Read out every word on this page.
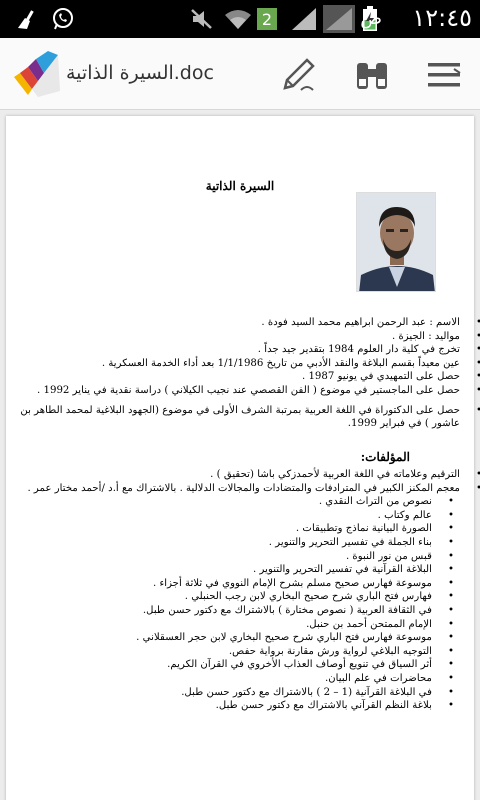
2	ص ١٢:٤٥
السيرة الذاتية.doc
السيرة الذاتية
الاسم : عبد الرحمن ابراهيم محمد السيد فودة . •
مواليد : الجيزة . •
تخرج في كلية دار العلوم 1984 بتقدير جيد جداً . •
عين معيداً بقسم البلاغة والنقد الأدبي من تاريخ 1/1/1986 بعد أداء الخدمة العسكرية . •
حصل على التمهيدي في يونيو 1987 . •
حصل على الماجستير في موضوع ( الفن القصصي عند نجيب الكيلاني ) دراسة نقدية في يناير 1992 . •
حصل على الدكتوراة في اللغة العربية بمرتبة الشرف الأولى في موضوع (الجهود البلاغية لمحمد الطاهر بن عاشور ) في فبراير 1999. •
المؤلفات:
الترقيم وعلاماته في اللغة العربية لأحمدزكي باشا (تحقيق ) . •
معجم المكنز الكبير في المترادفات والمتضادات والمجالات الدلالية . بالاشتراك مع أ.د /أحمد مختار عمر . •
نصوص من التراث النقدي . •
عالم وكتاب . •
الصورة البيانية نماذج وتطبيقات . •
بناء الجملة في تفسير التحرير والتنوير . •
قبس من نور النبوة . •
البلاغة القرآنية في تفسير التحرير والتنوير . •
موسوعة فهارس صحيح مسلم بشرح الإمام النووي في ثلاثة أجزاء . •
فهارس فتح الباري شرح صحيح البخاري لابن رجب الحنبلي . •
في الثقافة العربية ( نصوص مختارة ) بالاشتراك مع دكتور حسن طبل. •
الإمام الممتحن أحمد بن حنبل. •
موسوعة فهارس فتح الباري شرح صحيح البخاري لابن حجر العسقلاني . •
التوجيه البلاغي لرواية ورش مقارنة برواية حفص. •
أثر السياق في تنويع أوصاف العذاب الأخروي في القرآن الكريم. •
محاضرات في علم البيان. •
في البلاغة القرآنية (1 – 2 ) بالاشتراك مع دكتور حسن طبل. •
بلاغة النظم القرآني بالاشتراك مع دكتور حسن طبل. •
